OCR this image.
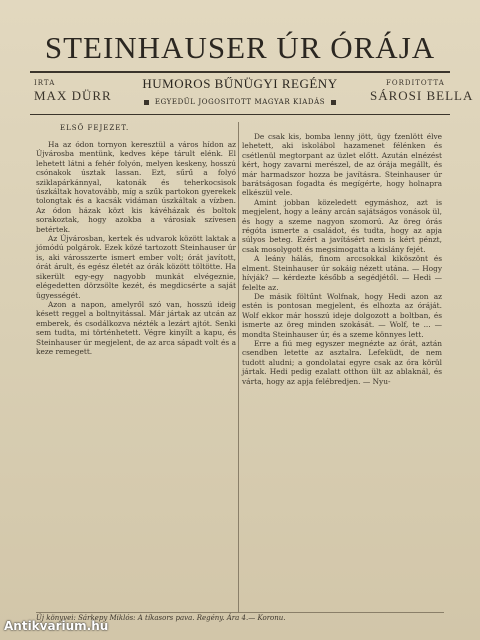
STEINHAUSER ÚR ÓRÁJA
IRTA
MAX DÜRR
HUMOROS BŰNÜGYI REGÉNY
EGYEDÜL JOGOSITOTT MAGYAR KIADÁS
FORDITOTTA
SÁROSI BELLA
ELSŐ FEJEZET.

Ha az ódon tornyon keresztül a város hídon az Újvárosba mentünk, kedves képe tárult elénk. El lehetett látni a fehér folyón, melyen keskeny, hosszú csónakok úsztak lassan. Ezt, sűrű a folyó sziklapárkánnyal, katonák és teherkocsisok úszkáltak hovatovább, míg a szűk partokon gyerekek tolongtak és a kacsák vidáman úszkáltak a vízben. Az ódon házak közt kis kávéházak és boltok sorakoztak, hogy azokba a városiak szívesen betértek.

Az Újvárosban, kertek és udvarok között laktak a jómódú polgárok. Ezek közé tartozott Steinhauser úr is, aki városszerte ismert ember volt; órát javított, órát árult, és egész életét az órák között töltötte. Ha sikerült egy-egy nagyobb munkát elvégeznie, elégedetten dörzsölte kezét, és megdicsérte a saját ügyességét.

Azon a napon, amelyről szó van, hosszú ideig késett reggel a boltnyitással. Már jártak az utcán az emberek, és csodálkozva nézték a lezárt ajtót. Senki sem tudta, mi történhetett. Végre kinyílt a kapu, és Steinhauser úr megjelent, de az arca sápadt volt és a keze remegett.

De csak kis, bomba lenny jött, ügy ťzenlött élve lehetett, aki iskolábol hazamenet félénken és csétlenül megtorpant az üzlet előtt. Azután elnézést kért, hogy zavarni merészel, de az órája megállt, és már harmadszor hozza be javításra. Steinhauser úr barátságosan fogadta és megígérte, hogy holnapra elkészül vele.

Amint jobban közeledett egymáshoz, azt is megjelent, hogy a leány arcán sajátságos vonások ül, és hogy a szeme nagyon szomorú. Az öreg órás régóta ismerte a családot, és tudta, hogy az apja súlyos beteg. Ezért a javításért nem is kért pénzt, csak mosolygott és megsimogatta a kislány fejét.

A leány hálás, finom arccsokkal kiköszönt és elment. Steinhauser úr sokáig nézett utána. — Hogy hívják? — kérdezte később a segédjétől. — Hedi — felelte az.

De másik föltűnt Wolfnak, hogy Hedi azon az estén is pontosan megjelent, és elhozta az óráját. Wolf ekkor már hosszú ideje dolgozott a boltban, és ismerte az öreg minden szokását. — Wolf, te ... — mondta Steinhauser úr, és a szeme könnyes lett.

Erre a fiú meg egyszer megnézte az órát, aztán csendben letette az asztalra. Lefeküdt, de nem tudott aludni; a gondolatai egyre csak az óra körül jártak. Hedi pedig ezalatt otthon ült az ablaknál, és várta, hogy az apja felébredjen. — Nyu-

Új könyvei: Sárkepy Miklós: A tíkasors pava. Regény. Ára 4.— Koronu.
Antikvarium.hu
